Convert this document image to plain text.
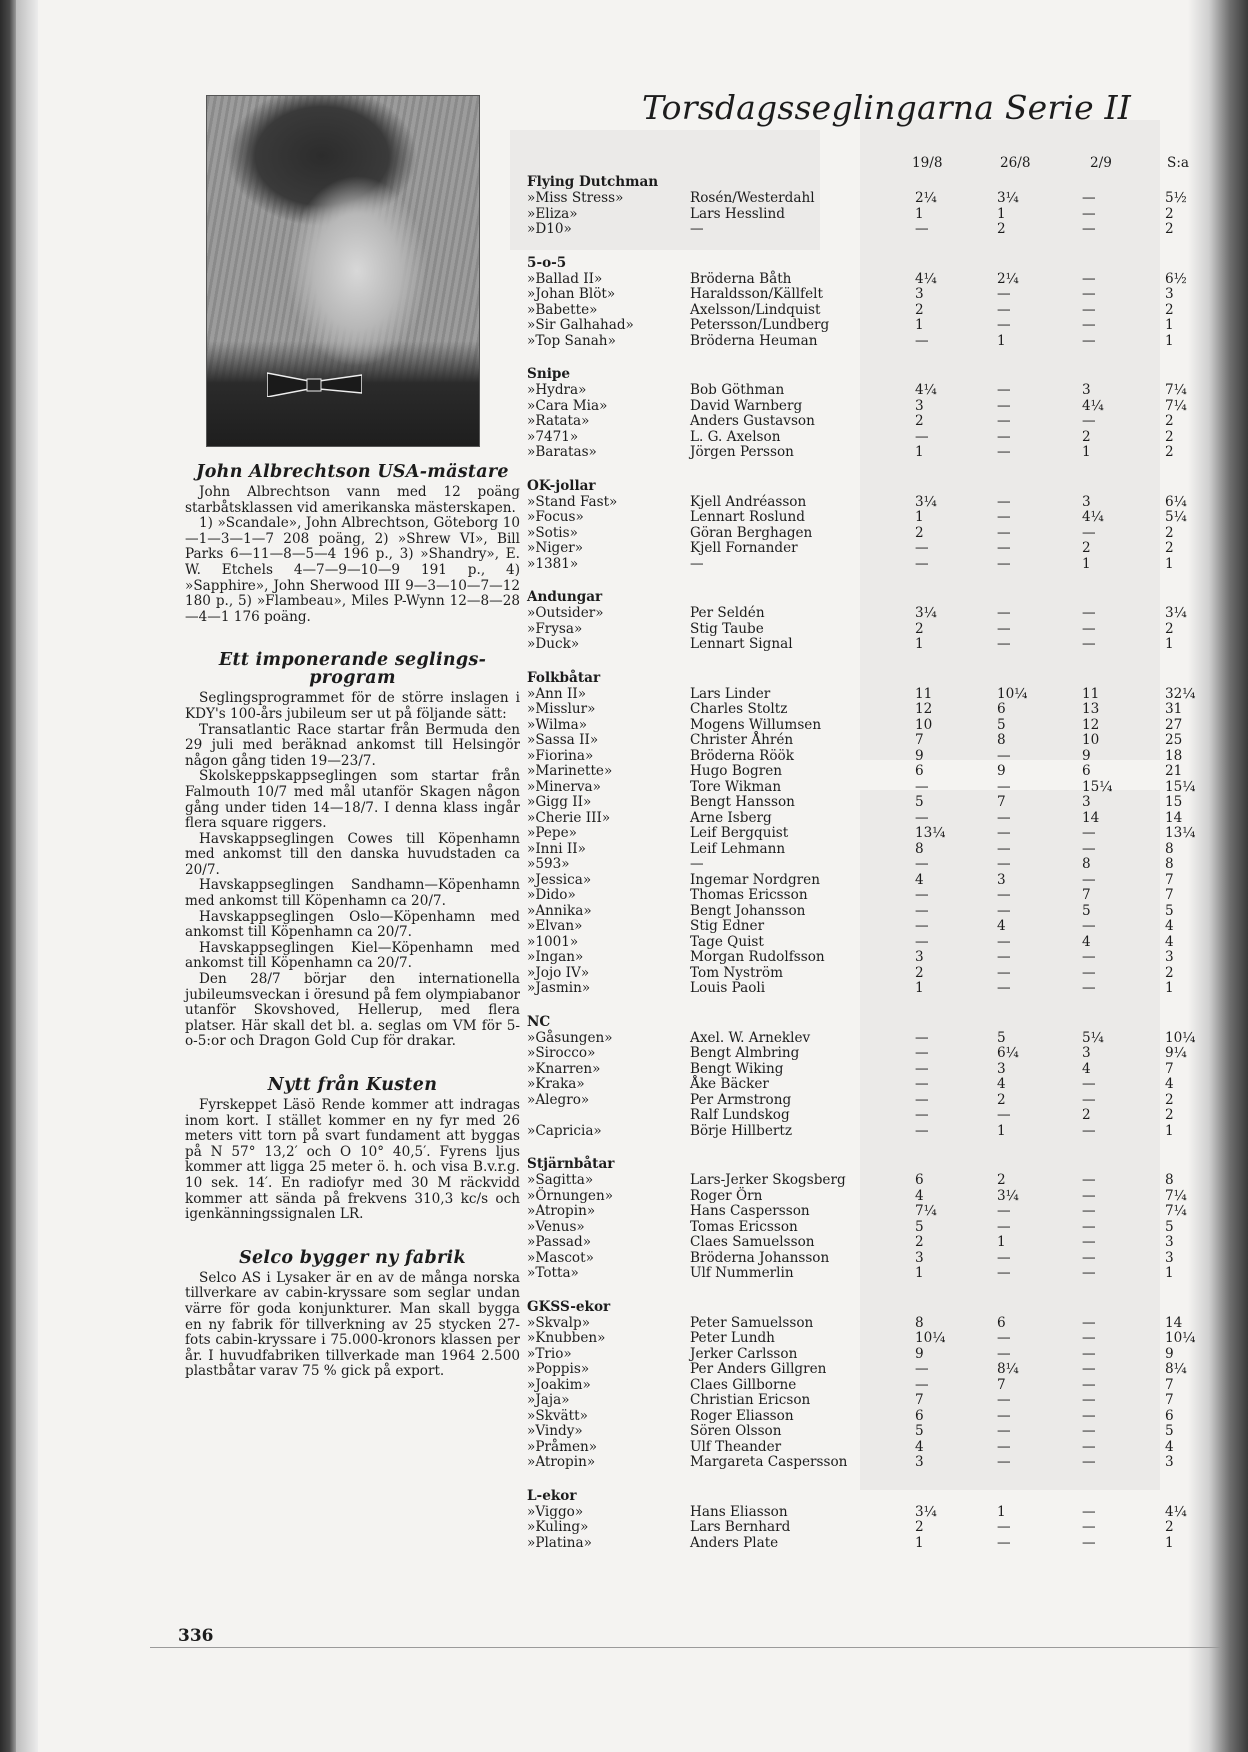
Torsdagsseglingarna Serie II
John Albrechtson USA-mästare

John Albrechtson vann med 12 poäng starbåtsklassen vid amerikanska mästerskapen.

1) »Scandale», John Albrechtson, Göteborg 10—1—3—1—7 208 poäng, 2) »Shrew VI», Bill Parks 6—11—8—5—4 196 p., 3) »Shandry», E. W. Etchels 4—7—9—10—9 191 p., 4) »Sapphire», John Sherwood III 9—3—10—7—12 180 p., 5) »Flambeau», Miles P-Wynn 12—8—28—4—1 176 poäng.

Ett imponerande seglings-program

Seglingsprogrammet för de större inslagen i KDY's 100-års jubileum ser ut på följande sätt:

Transatlantic Race startar från Bermuda den 29 juli med beräknad ankomst till Helsingör någon gång tiden 19—23/7.

Skolskeppskappseglingen som startar från Falmouth 10/7 med mål utanför Skagen någon gång under tiden 14—18/7. I denna klass ingår flera square riggers.

Havskappseglingen Cowes till Köpenhamn med ankomst till den danska huvudstaden ca 20/7.

Havskappseglingen Sandhamn—Köpenhamn med ankomst till Köpenhamn ca 20/7.

Havskappseglingen Oslo—Köpenhamn med ankomst till Köpenhamn ca 20/7.

Havskappseglingen Kiel—Köpenhamn med ankomst till Köpenhamn ca 20/7.

Den 28/7 börjar den internationella jubileumsveckan i öresund på fem olympiabanor utanför Skovshoved, Hellerup, med flera platser. Här skall det bl. a. seglas om VM för 5-o-5:or och Dragon Gold Cup för drakar.

Nytt från Kusten

Fyrskeppet Läsö Rende kommer att indragas inom kort. I stället kommer en ny fyr med 26 meters vitt torn på svart fundament att byggas på N 57° 13,2′ och O 10° 40,5′. Fyrens ljus kommer att ligga 25 meter ö. h. och visa B.v.r.g. 10 sek. 14′. En radiofyr med 30 M räckvidd kommer att sända på frekvens 310,3 kc/s och igenkänningssignalen LR.

Selco bygger ny fabrik

Selco AS i Lysaker är en av de många norska tillverkare av cabin-kryssare som seglar undan värre för goda konjunkturer. Man skall bygga en ny fabrik för tillverkning av 25 stycken 27-fots cabin-kryssare i 75.000-kronors klassen per år. I huvudfabriken tillverkade man 1964 2.500 plastbåtar varav 75 % gick på export.

19/8	26/8	2/9	S:a
Flying Dutchman
»Miss Stress»	Rosén/Westerdahl	2¼	3¼	—	5½
»Eliza»	Lars Hesslind	1	1	—	2
»D10»	—	—	2	—	2
5-o-5
»Ballad II»	Bröderna Båth	4¼	2¼	—	6½
»Johan Blöt»	Haraldsson/Källfelt	3	—	—	3
»Babette»	Axelsson/Lindquist	2	—	—	2
»Sir Galhahad»	Petersson/Lundberg	1	—	—	1
»Top Sanah»	Bröderna Heuman	—	1	—	1
Snipe
»Hydra»	Bob Göthman	4¼	—	3	7¼
»Cara Mia»	David Warnberg	3	—	4¼	7¼
»Ratata»	Anders Gustavson	2	—	—	2
»7471»	L. G. Axelson	—	—	2	2
»Baratas»	Jörgen Persson	1	—	1	2
OK-jollar
»Stand Fast»	Kjell Andréasson	3¼	—	3	6¼
»Focus»	Lennart Roslund	1	—	4¼	5¼
»Sotis»	Göran Berghagen	2	—	—	2
»Niger»	Kjell Fornander	—	—	2	2
»1381»	—	—	—	1	1
Andungar
»Outsider»	Per Seldén	3¼	—	—	3¼
»Frysa»	Stig Taube	2	—	—	2
»Duck»	Lennart Signal	1	—	—	1
Folkbåtar
»Ann II»	Lars Linder	11	10¼	11	32¼
»Misslur»	Charles Stoltz	12	6	13	31
»Wilma»	Mogens Willumsen	10	5	12	27
»Sassa II»	Christer Åhrén	7	8	10	25
»Fiorina»	Bröderna Röök	9	—	9	18
»Marinette»	Hugo Bogren	6	9	6	21
»Minerva»	Tore Wikman	—	—	15¼	15¼
»Gigg II»	Bengt Hansson	5	7	3	15
»Cherie III»	Arne Isberg	—	—	14	14
»Pepe»	Leif Bergquist	13¼	—	—	13¼
»Inni II»	Leif Lehmann	8	—	—	8
»593»	—	—	—	8	8
»Jessica»	Ingemar Nordgren	4	3	—	7
»Dido»	Thomas Ericsson	—	—	7	7
»Annika»	Bengt Johansson	—	—	5	5
»Elvan»	Stig Edner	—	4	—	4
»1001»	Tage Quist	—	—	4	4
»Ingan»	Morgan Rudolfsson	3	—	—	3
»Jojo IV»	Tom Nyström	2	—	—	2
»Jasmin»	Louis Paoli	1	—	—	1
NC
»Gåsungen»	Axel. W. Arneklev	—	5	5¼	10¼
»Sirocco»	Bengt Almbring	—	6¼	3	9¼
»Knarren»	Bengt Wiking	—	3	4	7
»Kraka»	Åke Bäcker	—	4	—	4
»Alegro»	Per Armstrong	—	2	—	2
Ralf Lundskog	—	—	2	2
»Capricia»	Börje Hillbertz	—	1	—	1
Stjärnbåtar
»Sagitta»	Lars-Jerker Skogsberg	6	2	—	8
»Örnungen»	Roger Örn	4	3¼	—	7¼
»Atropin»	Hans Caspersson	7¼	—	—	7¼
»Venus»	Tomas Ericsson	5	—	—	5
»Passad»	Claes Samuelsson	2	1	—	3
»Mascot»	Bröderna Johansson	3	—	—	3
»Totta»	Ulf Nummerlin	1	—	—	1
GKSS-ekor
»Skvalp»	Peter Samuelsson	8	6	—	14
»Knubben»	Peter Lundh	10¼	—	—	10¼
»Trio»	Jerker Carlsson	9	—	—	9
»Poppis»	Per Anders Gillgren	—	8¼	—	8¼
»Joakim»	Claes Gillborne	—	7	—	7
»Jaja»	Christian Ericson	7	—	—	7
»Skvätt»	Roger Eliasson	6	—	—	6
»Vindy»	Sören Olsson	5	—	—	5
»Pråmen»	Ulf Theander	4	—	—	4
»Atropin»	Margareta Caspersson	3	—	—	3
L-ekor
»Viggo»	Hans Eliasson	3¼	1	—	4¼
»Kuling»	Lars Bernhard	2	—	—	2
»Platina»	Anders Plate	1	—	—	1
336
